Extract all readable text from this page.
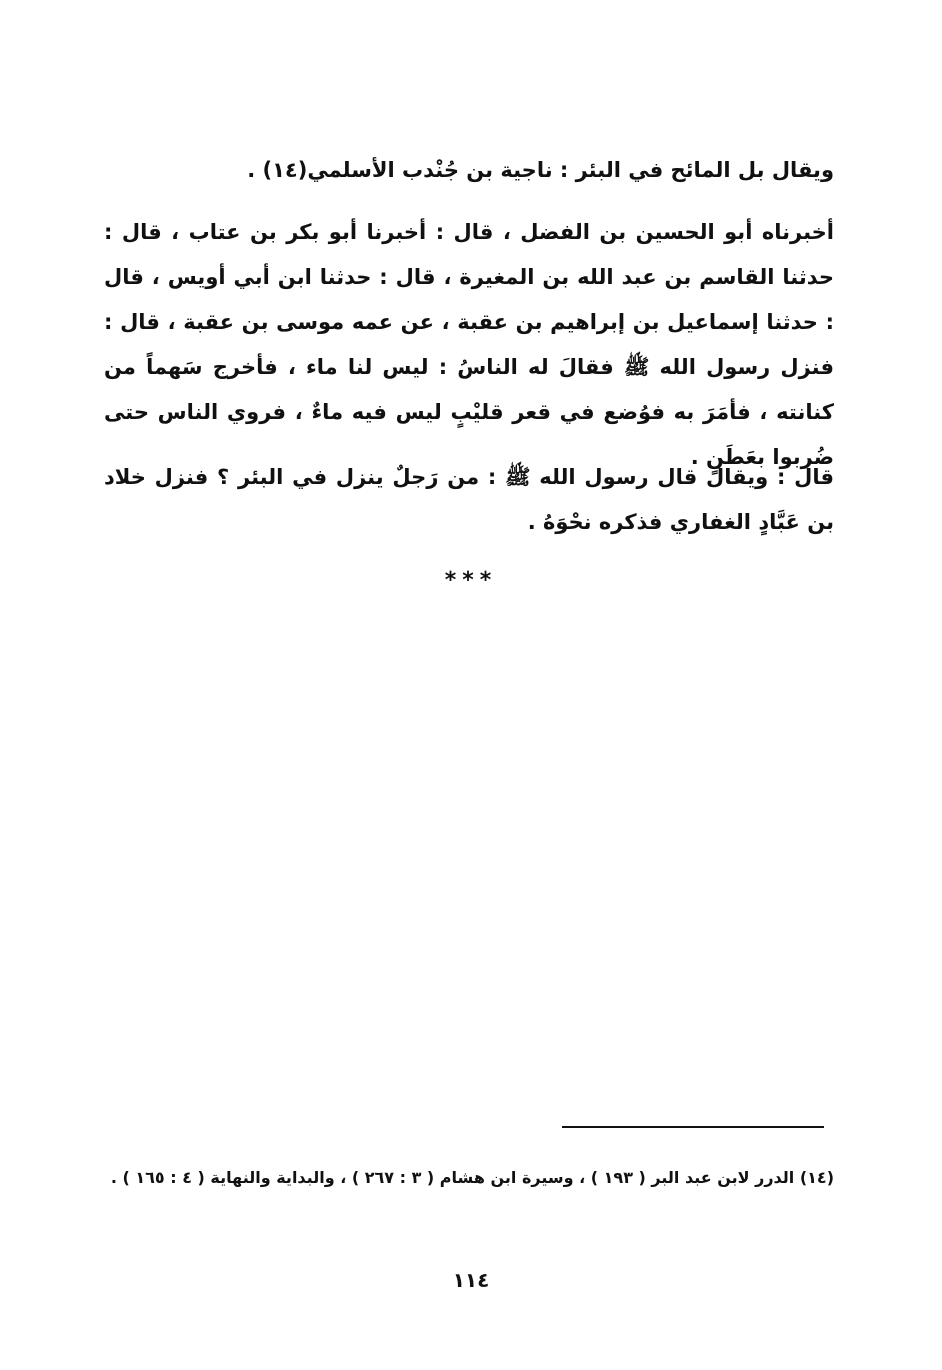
ويقال بل المائح في البئر : ناجية بن جُنْدب الأسلمي(١٤) .

أخبرناه أبو الحسين بن الفضل ، قال : أخبرنا أبو بكر بن عتاب ، قال : حدثنا القاسم بن عبد الله بن المغيرة ، قال : حدثنا ابن أبي أويس ، قال : حدثنا إسماعيل بن إبراهيم بن عقبة ، عن عمه موسى بن عقبة ، قال : فنزل رسول الله ﷺ فقالَ له الناسُ : ليس لنا ماء ، فأخرج سَهماً من كنانته ، فأمَرَ به فوُضع في قعر قليْبٍ ليس فيه ماءٌ ، فروي الناس حتى ضُربوا بعَطَنٍ .

قال : ويقال قال رسول الله ﷺ : من رَجلٌ ينزل في البئر ؟ فنزل خلاد بن عَبَّادٍ الغفاري فذكره نحْوَهُ .

***

(١٤) الدرر لابن عبد البر ( ١٩٣ ) ، وسيرة ابن هشام ( ٣ : ٢٦٧ ) ، والبداية والنهاية ( ٤ : ١٦٥ ) .

١١٤
